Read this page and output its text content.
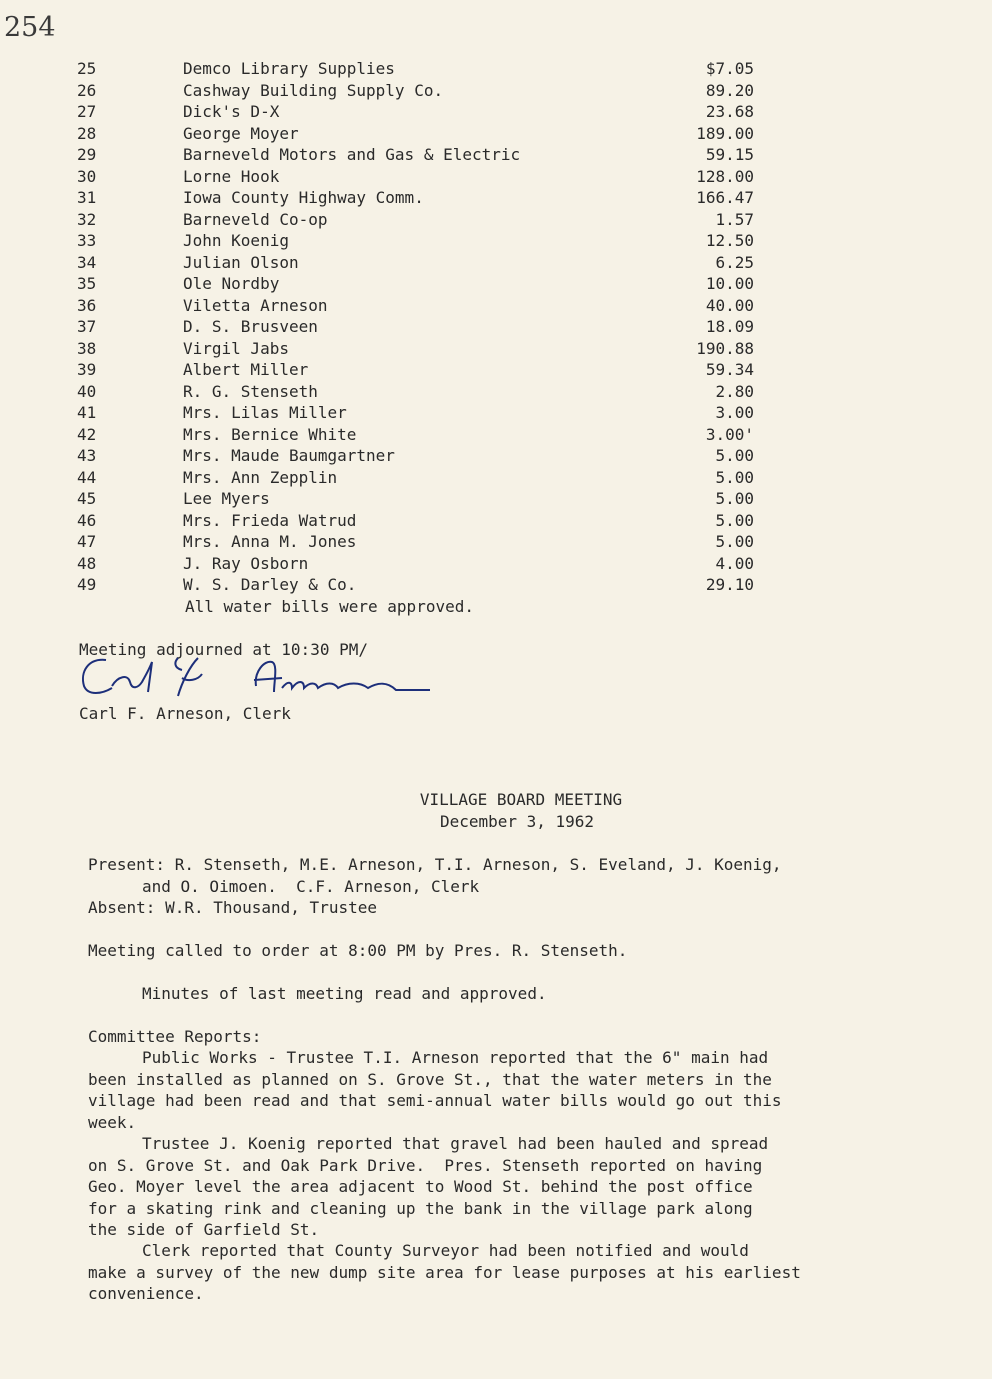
254
25	Demco Library Supplies	$7.05
26	Cashway Building Supply Co.	89.20
27	Dick's D-X	23.68
28	George Moyer	189.00
29	Barneveld Motors and Gas & Electric	59.15
30	Lorne Hook	128.00
31	Iowa County Highway Comm.	166.47
32	Barneveld Co-op	1.57
33	John Koenig	12.50
34	Julian Olson	6.25
35	Ole Nordby	10.00
36	Viletta Arneson	40.00
37	D. S. Brusveen	18.09
38	Virgil Jabs	190.88
39	Albert Miller	59.34
40	R. G. Stenseth	2.80
41	Mrs. Lilas Miller	3.00
42	Mrs. Bernice White	3.00'
43	Mrs. Maude Baumgartner	5.00
44	Mrs. Ann Zepplin	5.00
45	Lee Myers	5.00
46	Mrs. Frieda Watrud	5.00
47	Mrs. Anna M. Jones	5.00
48	J. Ray Osborn	4.00
49	W. S. Darley & Co.	29.10
All water bills were approved.
Meeting adjourned at 10:30 PM/
Carl F. Arneson, Clerk
VILLAGE BOARD MEETING
December 3, 1962
Present: R. Stenseth, M.E. Arneson, T.I. Arneson, S. Eveland, J. Koenig,
and O. Oimoen.  C.F. Arneson, Clerk
Absent: W.R. Thousand, Trustee
Meeting called to order at 8:00 PM by Pres. R. Stenseth.
Minutes of last meeting read and approved.
Committee Reports:
Public Works - Trustee T.I. Arneson reported that the 6" main had
been installed as planned on S. Grove St., that the water meters in the
village had been read and that semi-annual water bills would go out this
week.
Trustee J. Koenig reported that gravel had been hauled and spread
on S. Grove St. and Oak Park Drive.  Pres. Stenseth reported on having
Geo. Moyer level the area adjacent to Wood St. behind the post office
for a skating rink and cleaning up the bank in the village park along
the side of Garfield St.
Clerk reported that County Surveyor had been notified and would
make a survey of the new dump site area for lease purposes at his earliest
convenience.
